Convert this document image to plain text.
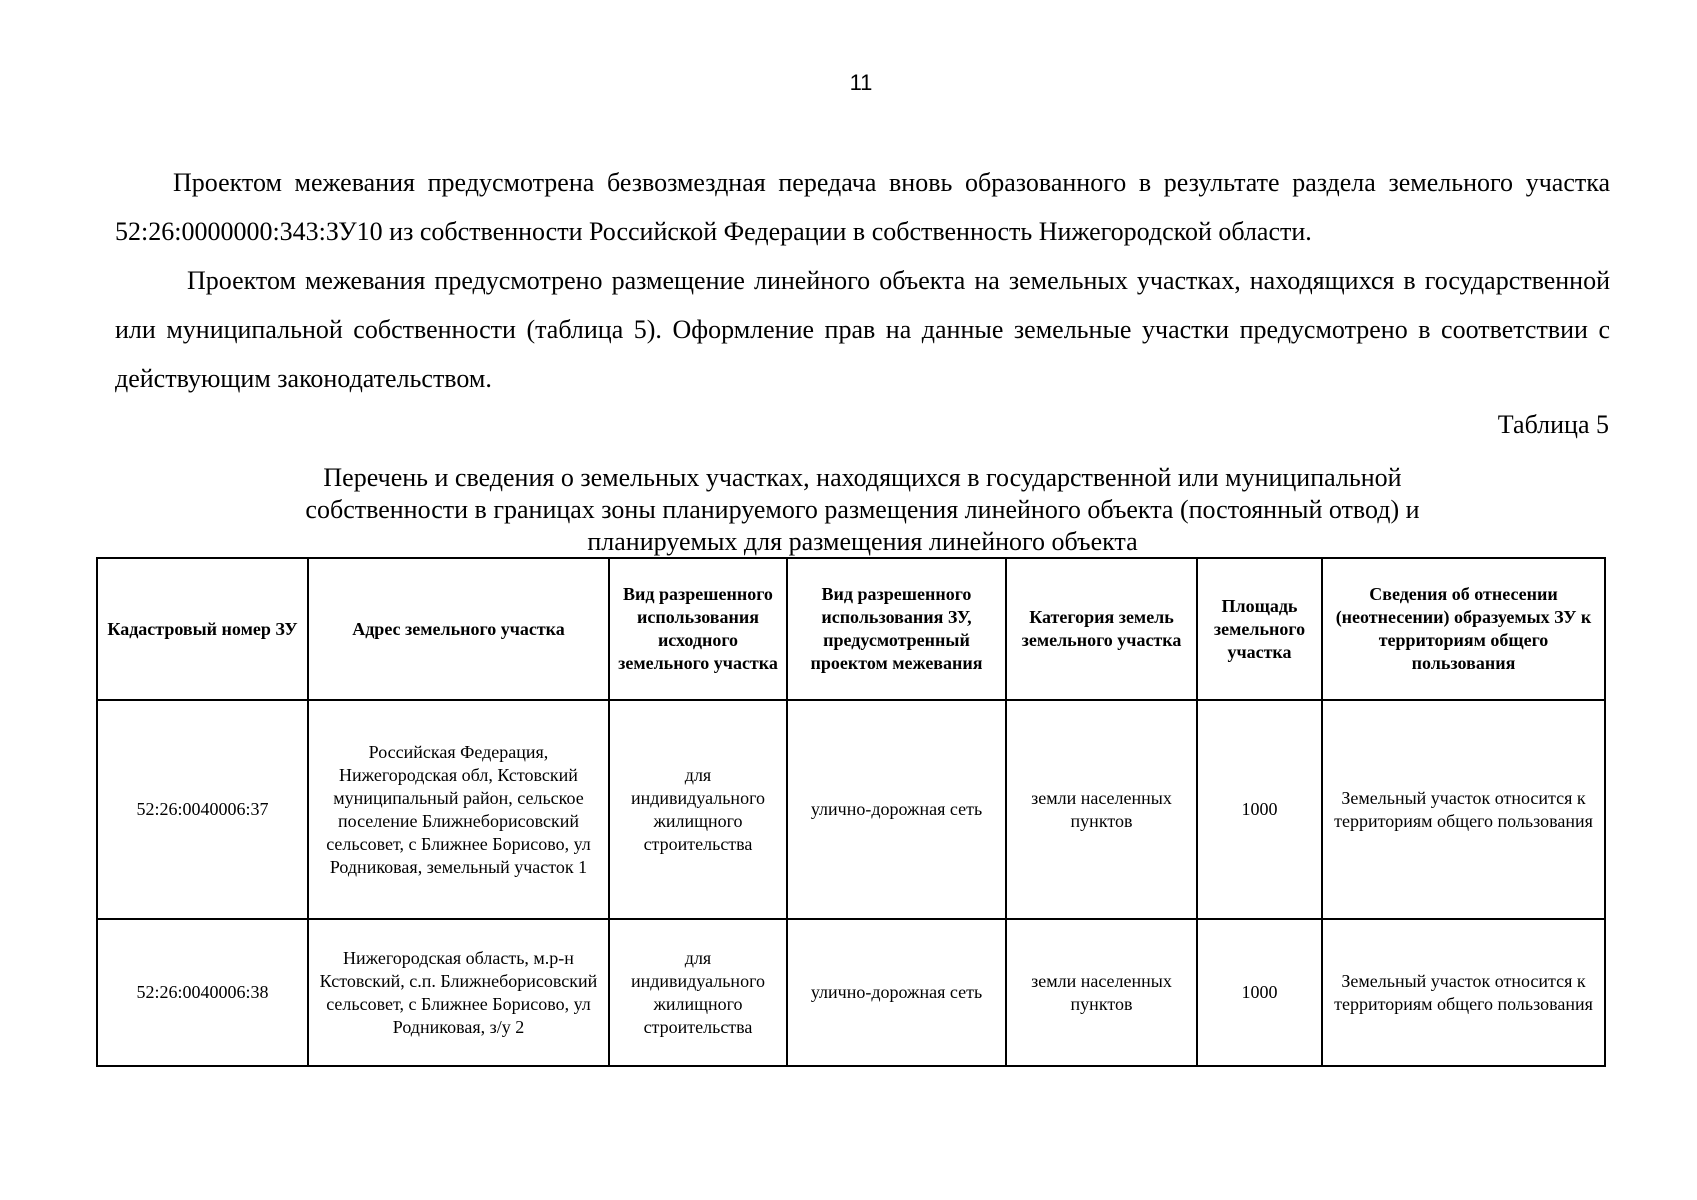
11

Проектом межевания предусмотрена безвозмездная передача вновь образованного в результате раздела земельного участка 52:26:0000000:343:ЗУ10 из собственности Российской Федерации в собственность Нижегородской области.

Проектом межевания предусмотрено размещение линейного объекта на земельных участках, находящихся в государственной или муниципальной собственности (таблица 5). Оформление прав на данные земельные участки предусмотрено в соответствии с действующим законодательством.

Таблица 5
Перечень и сведения о земельных участках, находящихся в государственной или муниципальной собственности в границах зоны планируемого размещения линейного объекта (постоянный отвод) и планируемых для размещения линейного объекта
Кадастровый номер ЗУ	Адрес земельного участка	Вид разрешенного использования исходного земельного участка	Вид разрешенного использования ЗУ, предусмотренный проектом межевания	Категория земель земельного участка	Площадь земельного участка	Сведения об отнесении (неотнесении) образуемых ЗУ к территориям общего пользования
52:26:0040006:37	Российская Федерация, Нижегородская обл, Кстовский муниципальный район, сельское поселение Ближнеборисовский сельсовет, с Ближнее Борисово, ул Родниковая, земельный участок 1	для индивидуального жилищного строительства	улично-дорожная сеть	земли населенных пунктов	1000	Земельный участок относится к территориям общего пользования
52:26:0040006:38	Нижегородская область, м.р-н Кстовский, с.п. Ближнеборисовский сельсовет, с Ближнее Борисово, ул Родниковая, з/у 2	для индивидуального жилищного строительства	улично-дорожная сеть	земли населенных пунктов	1000	Земельный участок относится к территориям общего пользования
